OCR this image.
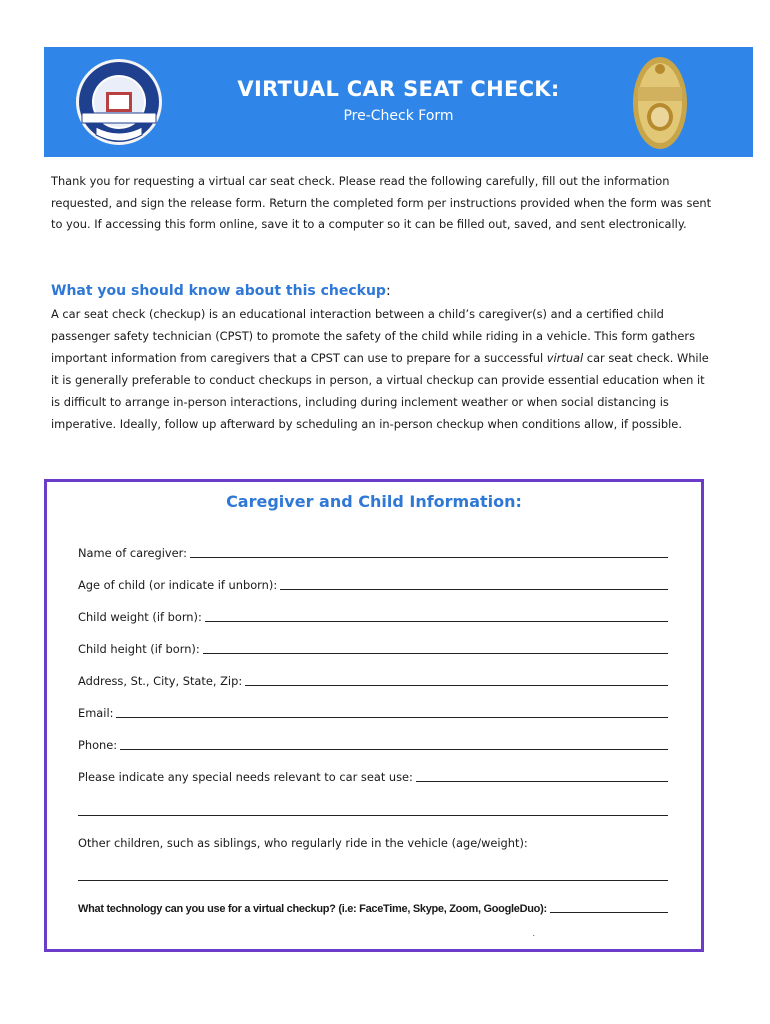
VIRTUAL CAR SEAT CHECK:
Pre-Check Form
Thank you for requesting a virtual car seat check. Please read the following carefully, fill out the information requested, and sign the release form. Return the completed form per instructions provided when the form was sent to you. If accessing this form online, save it to a computer so it can be filled out, saved, and sent electronically.
What you should know about this checkup:
A car seat check (checkup) is an educational interaction between a child’s caregiver(s) and a certified child passenger safety technician (CPST) to promote the safety of the child while riding in a vehicle. This form gathers important information from caregivers that a CPST can use to prepare for a successful virtual car seat check. While it is generally preferable to conduct checkups in person, a virtual checkup can provide essential education when it is difficult to arrange in-person interactions, including during inclement weather or when social distancing is imperative. Ideally, follow up afterward by scheduling an in-person checkup when conditions allow, if possible.
Caregiver and Child Information:
Name of caregiver:
Age of child (or indicate if unborn):
Child weight (if born):
Child height (if born):
Address, St., City, State, Zip:
Email:
Phone:
Please indicate any special needs relevant to car seat use:
Other children, such as siblings, who regularly ride in the vehicle (age/weight):
What technology can you use for a virtual checkup? (i.e: FaceTime, Skype, Zoom, GoogleDuo):
.
